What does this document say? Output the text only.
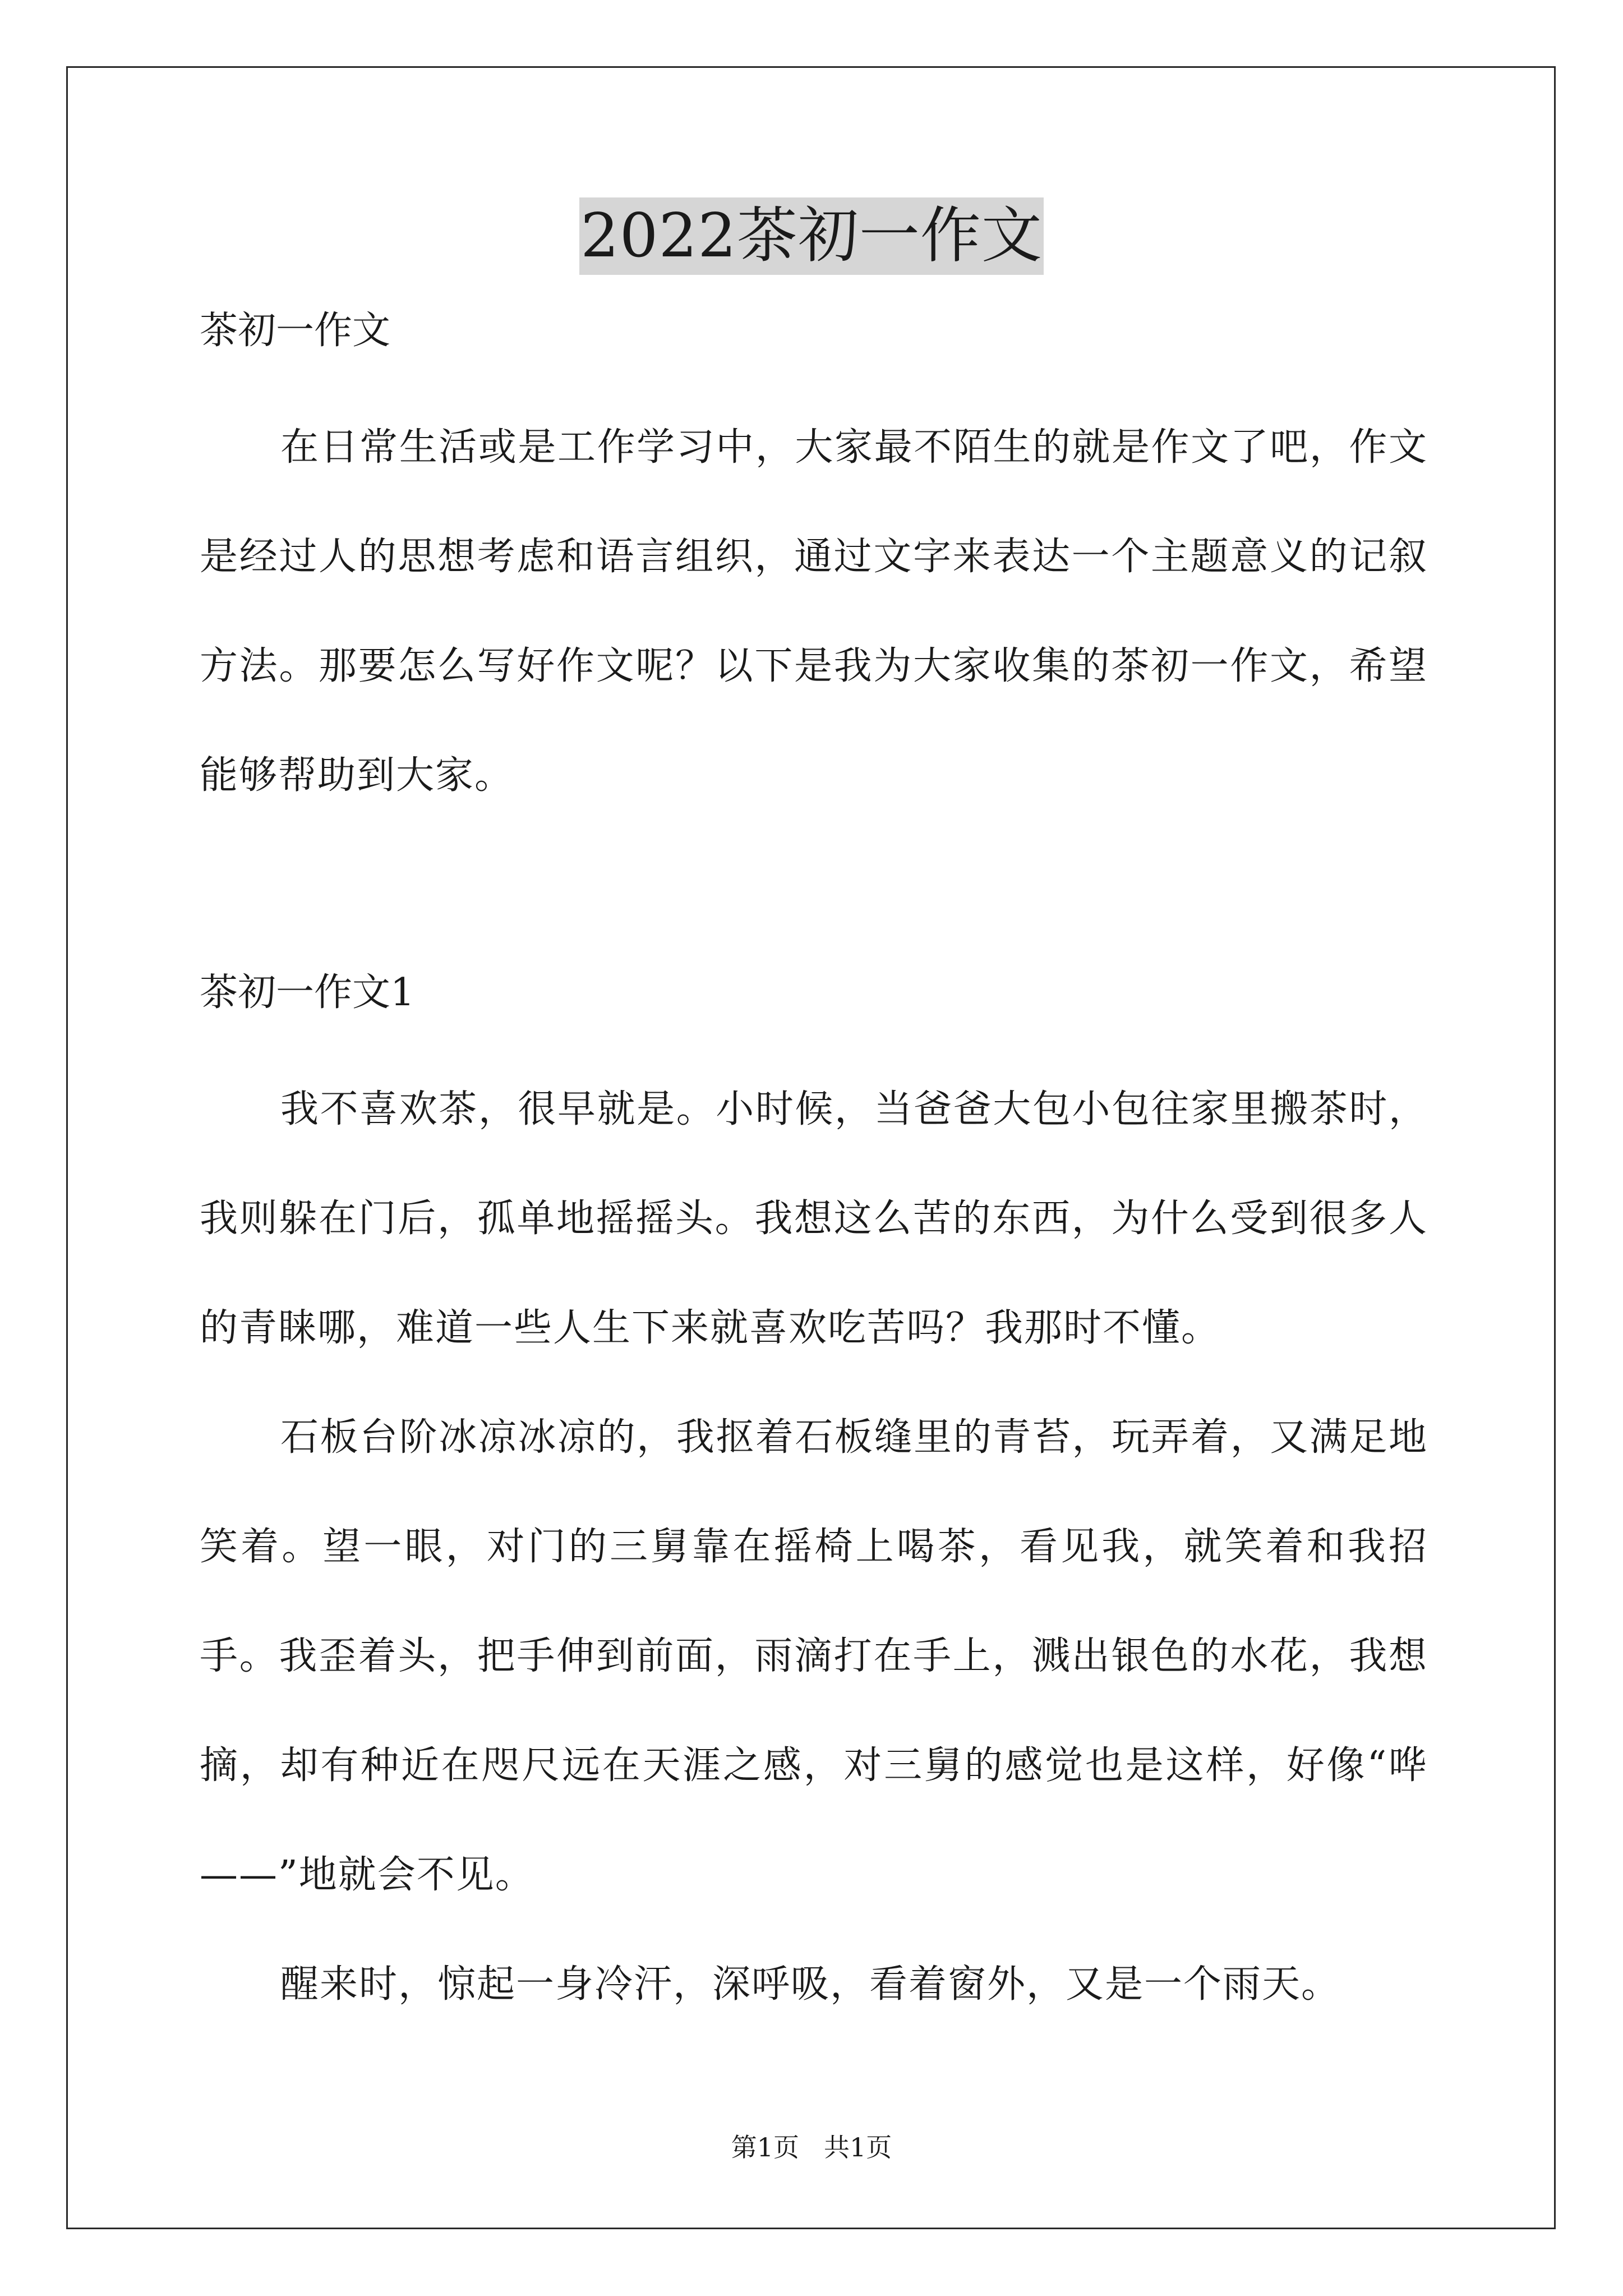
2022茶初一作文

茶初一作文

在日常生活或是工作学习中，大家最不陌生的就是作文了吧，作文是经过人的思想考虑和语言组织，通过文字来表达一个主题意义的记叙方法。那要怎么写好作文呢？以下是我为大家收集的茶初一作文，希望能够帮助到大家。

茶初一作文1

我不喜欢茶，很早就是。小时候，当爸爸大包小包往家里搬茶时，我则躲在门后，孤单地摇摇头。我想这么苦的东西，为什么受到很多人的青睐哪，难道一些人生下来就喜欢吃苦吗？我那时不懂。

石板台阶冰凉冰凉的，我抠着石板缝里的青苔，玩弄着，又满足地笑着。望一眼，对门的三舅靠在摇椅上喝茶，看见我，就笑着和我招手。我歪着头，把手伸到前面，雨滴打在手上，溅出银色的水花，我想摘，却有种近在咫尺远在天涯之感，对三舅的感觉也是这样，好像“哗——”地就会不见。

醒来时，惊起一身冷汗，深呼吸，看着窗外，又是一个雨天。

第1页 共1页
